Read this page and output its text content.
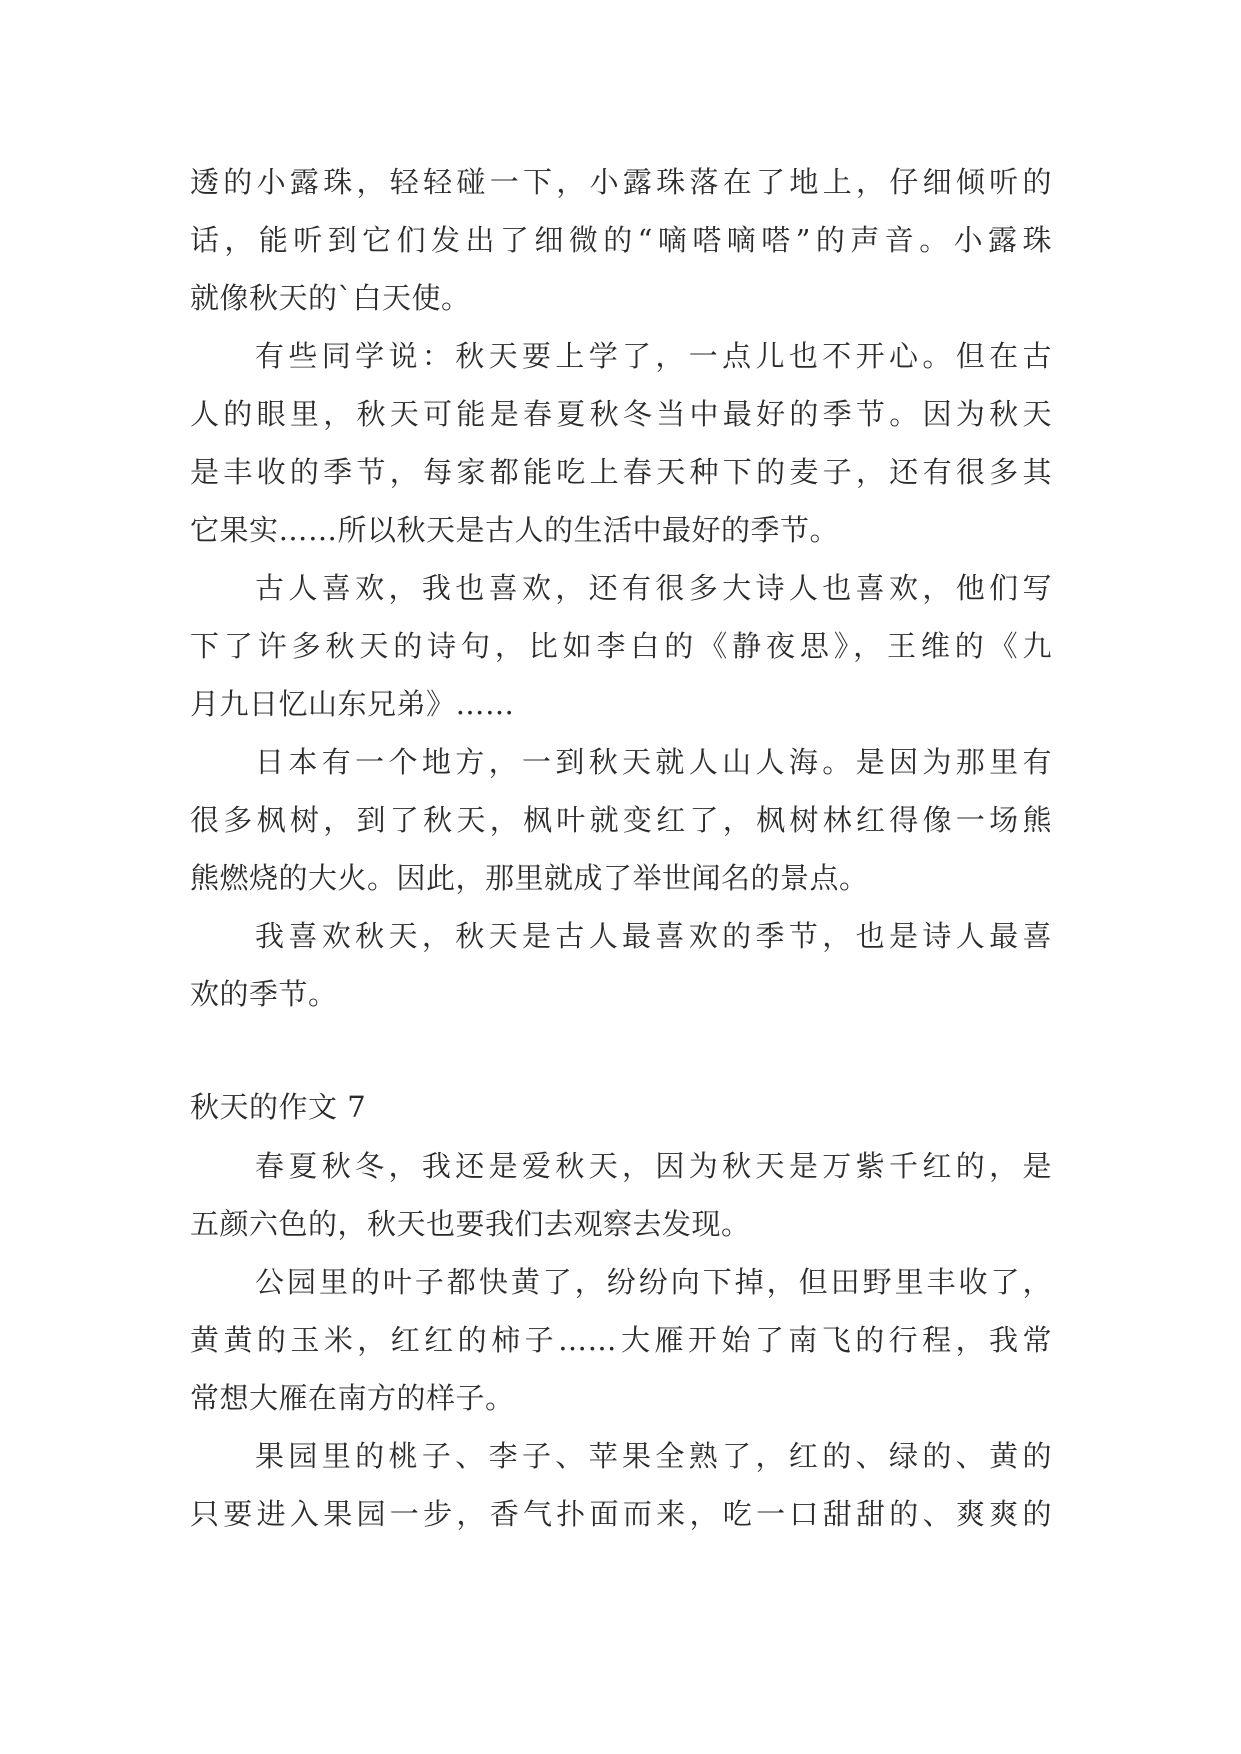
透的小露珠，轻轻碰一下，小露珠落在了地上，仔细倾听的
话，能听到它们发出了细微的“嘀嗒嘀嗒”的声音。小露珠
就像秋天的`白天使。
有些同学说：秋天要上学了，一点儿也不开心。但在古
人的眼里，秋天可能是春夏秋冬当中最好的季节。因为秋天
是丰收的季节，每家都能吃上春天种下的麦子，还有很多其
它果实……所以秋天是古人的生活中最好的季节。
古人喜欢，我也喜欢，还有很多大诗人也喜欢，他们写
下了许多秋天的诗句，比如李白的《静夜思》，王维的《九
月九日忆山东兄弟》……
日本有一个地方，一到秋天就人山人海。是因为那里有
很多枫树，到了秋天，枫叶就变红了，枫树林红得像一场熊
熊燃烧的大火。因此，那里就成了举世闻名的景点。
我喜欢秋天，秋天是古人最喜欢的季节，也是诗人最喜
欢的季节。
秋天的作文 7
春夏秋冬，我还是爱秋天，因为秋天是万紫千红的，是
五颜六色的，秋天也要我们去观察去发现。
公园里的叶子都快黄了，纷纷向下掉，但田野里丰收了，
黄黄的玉米，红红的柿子……大雁开始了南飞的行程，我常
常想大雁在南方的样子。
果园里的桃子、李子、苹果全熟了，红的、绿的、黄的
只要进入果园一步，香气扑面而来，吃一口甜甜的、爽爽的
